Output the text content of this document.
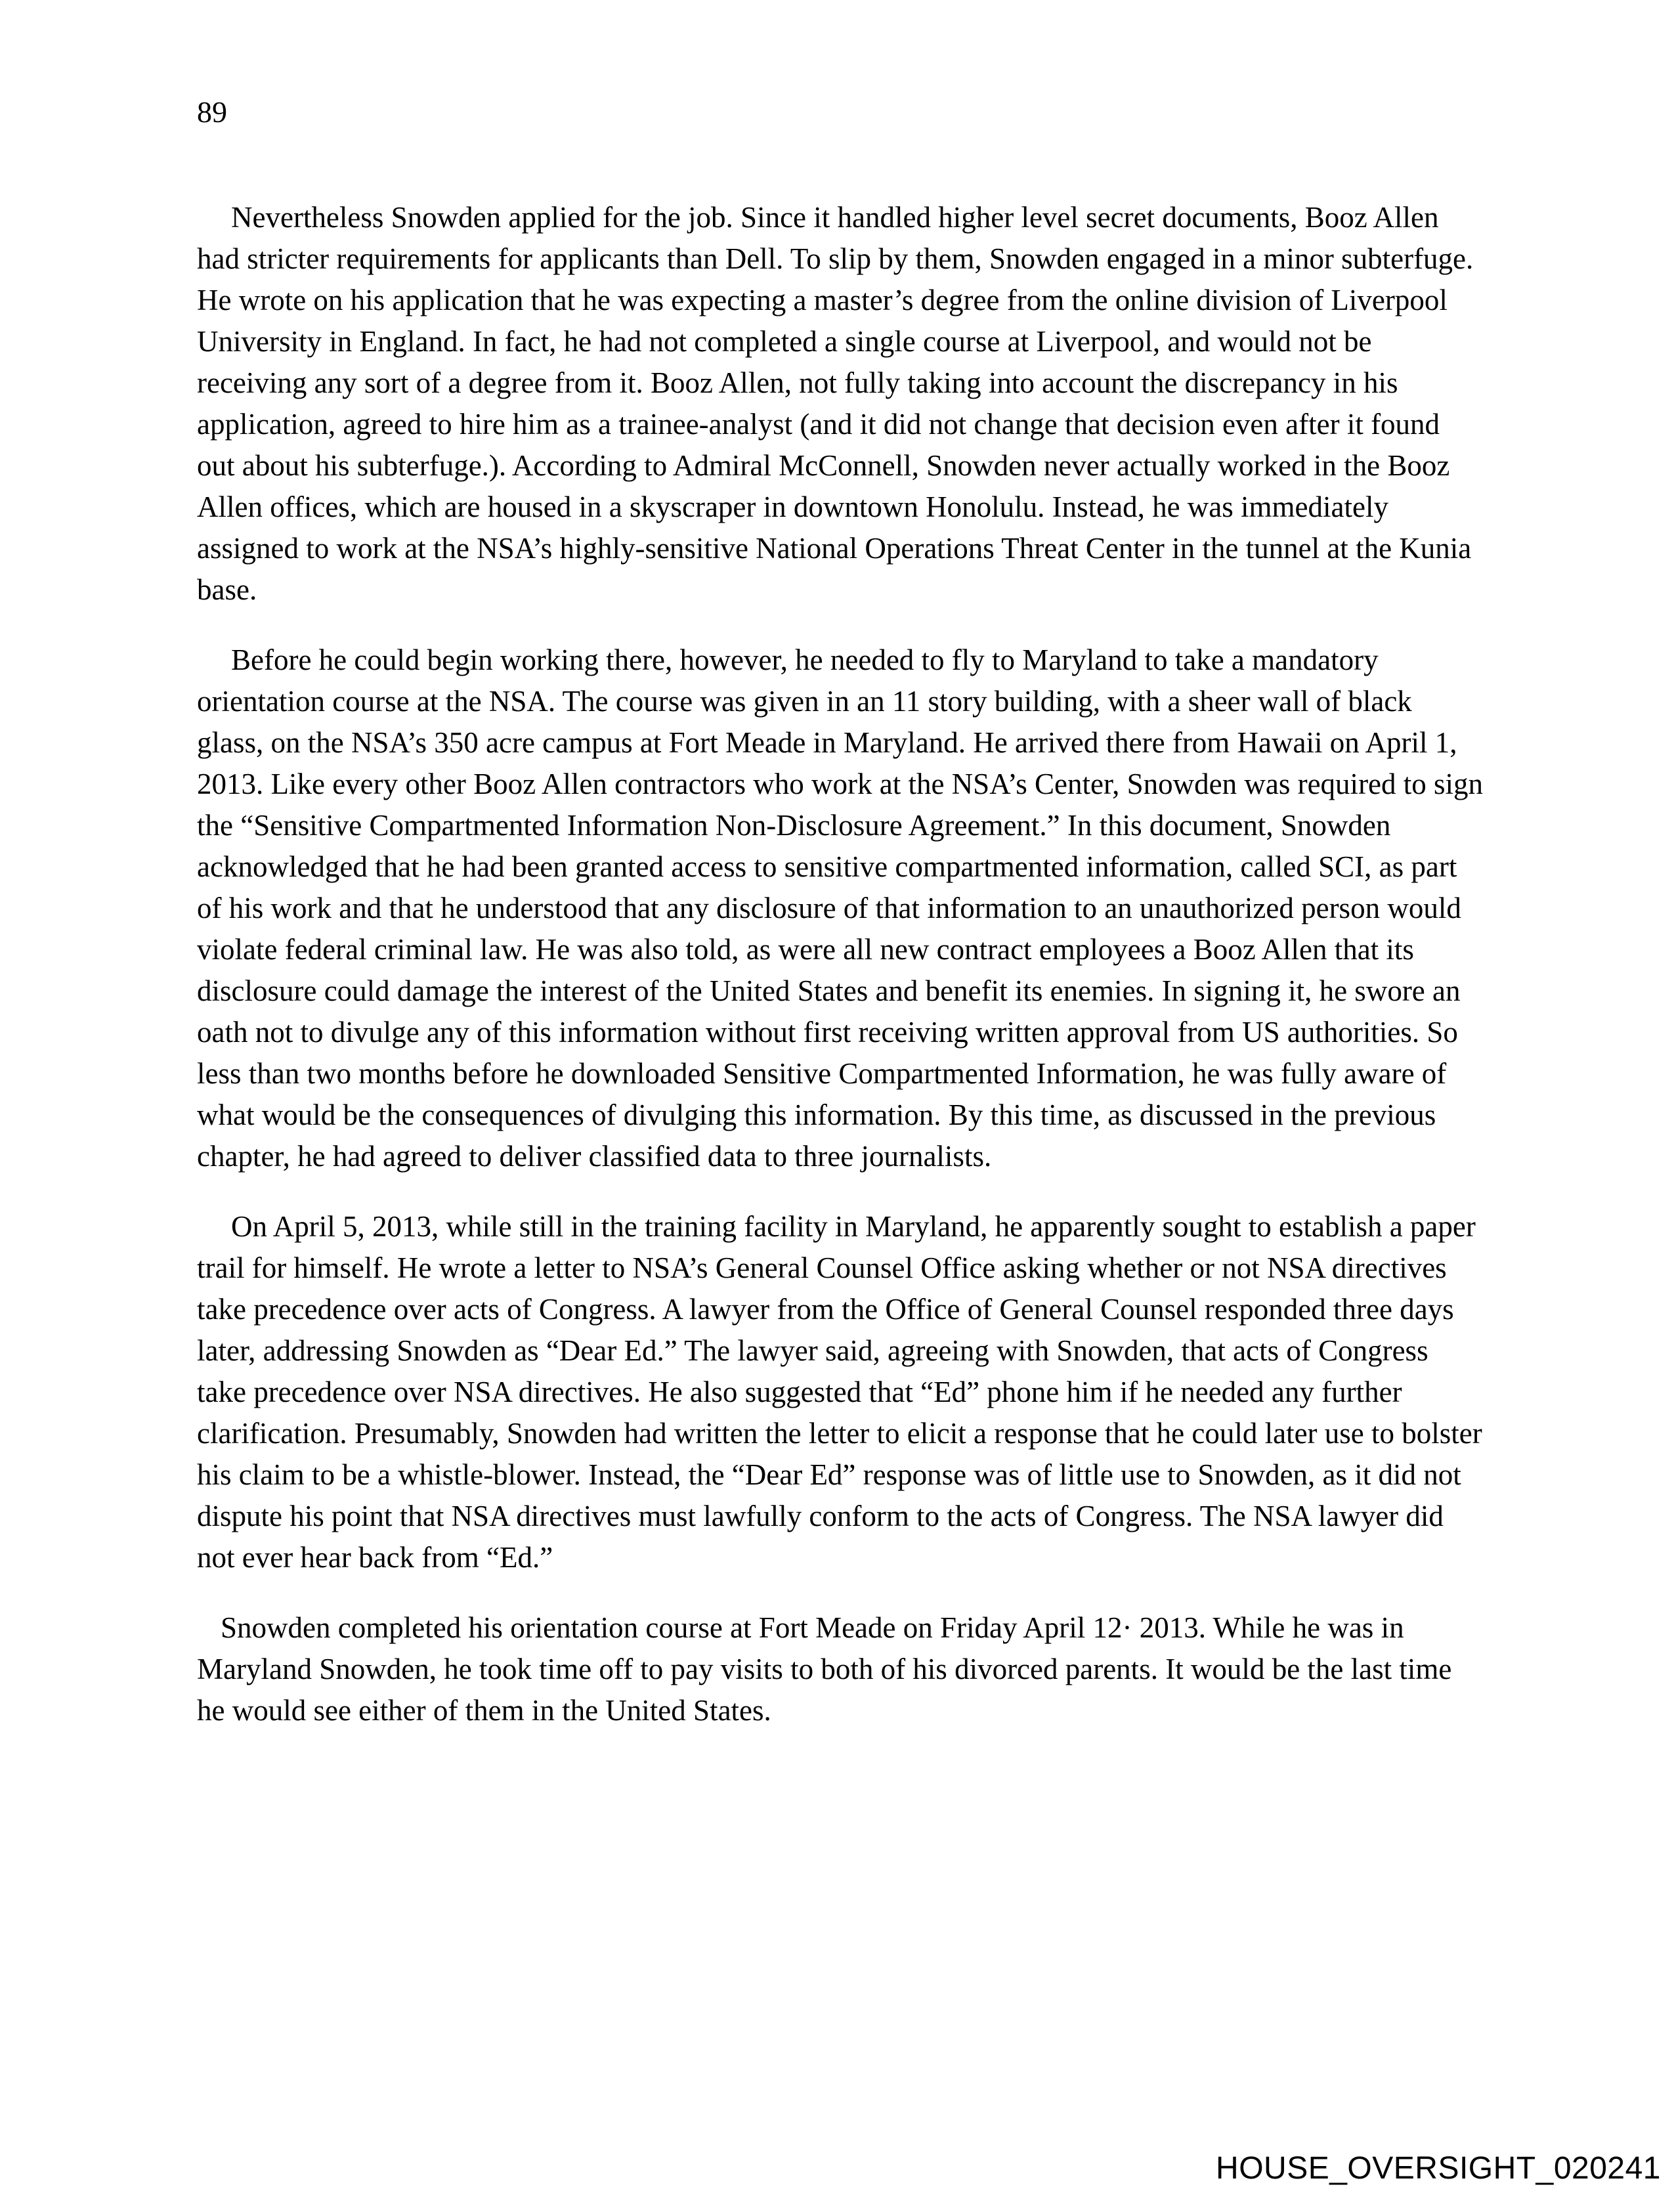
89

Nevertheless Snowden applied for the job. Since it handled higher level secret documents, Booz Allen had stricter requirements for applicants than Dell. To slip by them, Snowden engaged in a minor subterfuge. He wrote on his application that he was expecting a master’s degree from the online division of Liverpool University in England. In fact, he had not completed a single course at Liverpool, and would not be receiving any sort of a degree from it. Booz Allen, not fully taking into account the discrepancy in his application, agreed to hire him as a trainee-analyst (and it did not change that decision even after it found out about his subterfuge.). According to Admiral McConnell, Snowden never actually worked in the Booz Allen offices, which are housed in a skyscraper in downtown Honolulu. Instead, he was immediately assigned to work at the NSA’s highly-sensitive National Operations Threat Center in the tunnel at the Kunia base.

Before he could begin working there, however, he needed to fly to Maryland to take a mandatory orientation course at the NSA. The course was given in an 11 story building, with a sheer wall of black glass, on the NSA’s 350 acre campus at Fort Meade in Maryland. He arrived there from Hawaii on April 1, 2013. Like every other Booz Allen contractors who work at the NSA’s Center, Snowden was required to sign the “Sensitive Compartmented Information Non-Disclosure Agreement.” In this document, Snowden acknowledged that he had been granted access to sensitive compartmented information, called SCI, as part of his work and that he understood that any disclosure of that information to an unauthorized person would violate federal criminal law. He was also told, as were all new contract employees a Booz Allen that its disclosure could damage the interest of the United States and benefit its enemies. In signing it, he swore an oath not to divulge any of this information without first receiving written approval from US authorities. So less than two months before he downloaded Sensitive Compartmented Information, he was fully aware of what would be the consequences of divulging this information. By this time, as discussed in the previous chapter, he had agreed to deliver classified data to three journalists.

On April 5, 2013, while still in the training facility in Maryland, he apparently sought to establish a paper trail for himself. He wrote a letter to NSA’s General Counsel Office asking whether or not NSA directives take precedence over acts of Congress. A lawyer from the Office of General Counsel responded three days later, addressing Snowden as “Dear Ed.” The lawyer said, agreeing with Snowden, that acts of Congress take precedence over NSA directives. He also suggested that “Ed” phone him if he needed any further clarification. Presumably, Snowden had written the letter to elicit a response that he could later use to bolster his claim to be a whistle-blower. Instead, the “Dear Ed” response was of little use to Snowden, as it did not dispute his point that NSA directives must lawfully conform to the acts of Congress. The NSA lawyer did not ever hear back from “Ed.”

Snowden completed his orientation course at Fort Meade on Friday April 12· 2013. While he was in Maryland Snowden, he took time off to pay visits to both of his divorced parents. It would be the last time he would see either of them in the United States.

HOUSE_OVERSIGHT_020241
